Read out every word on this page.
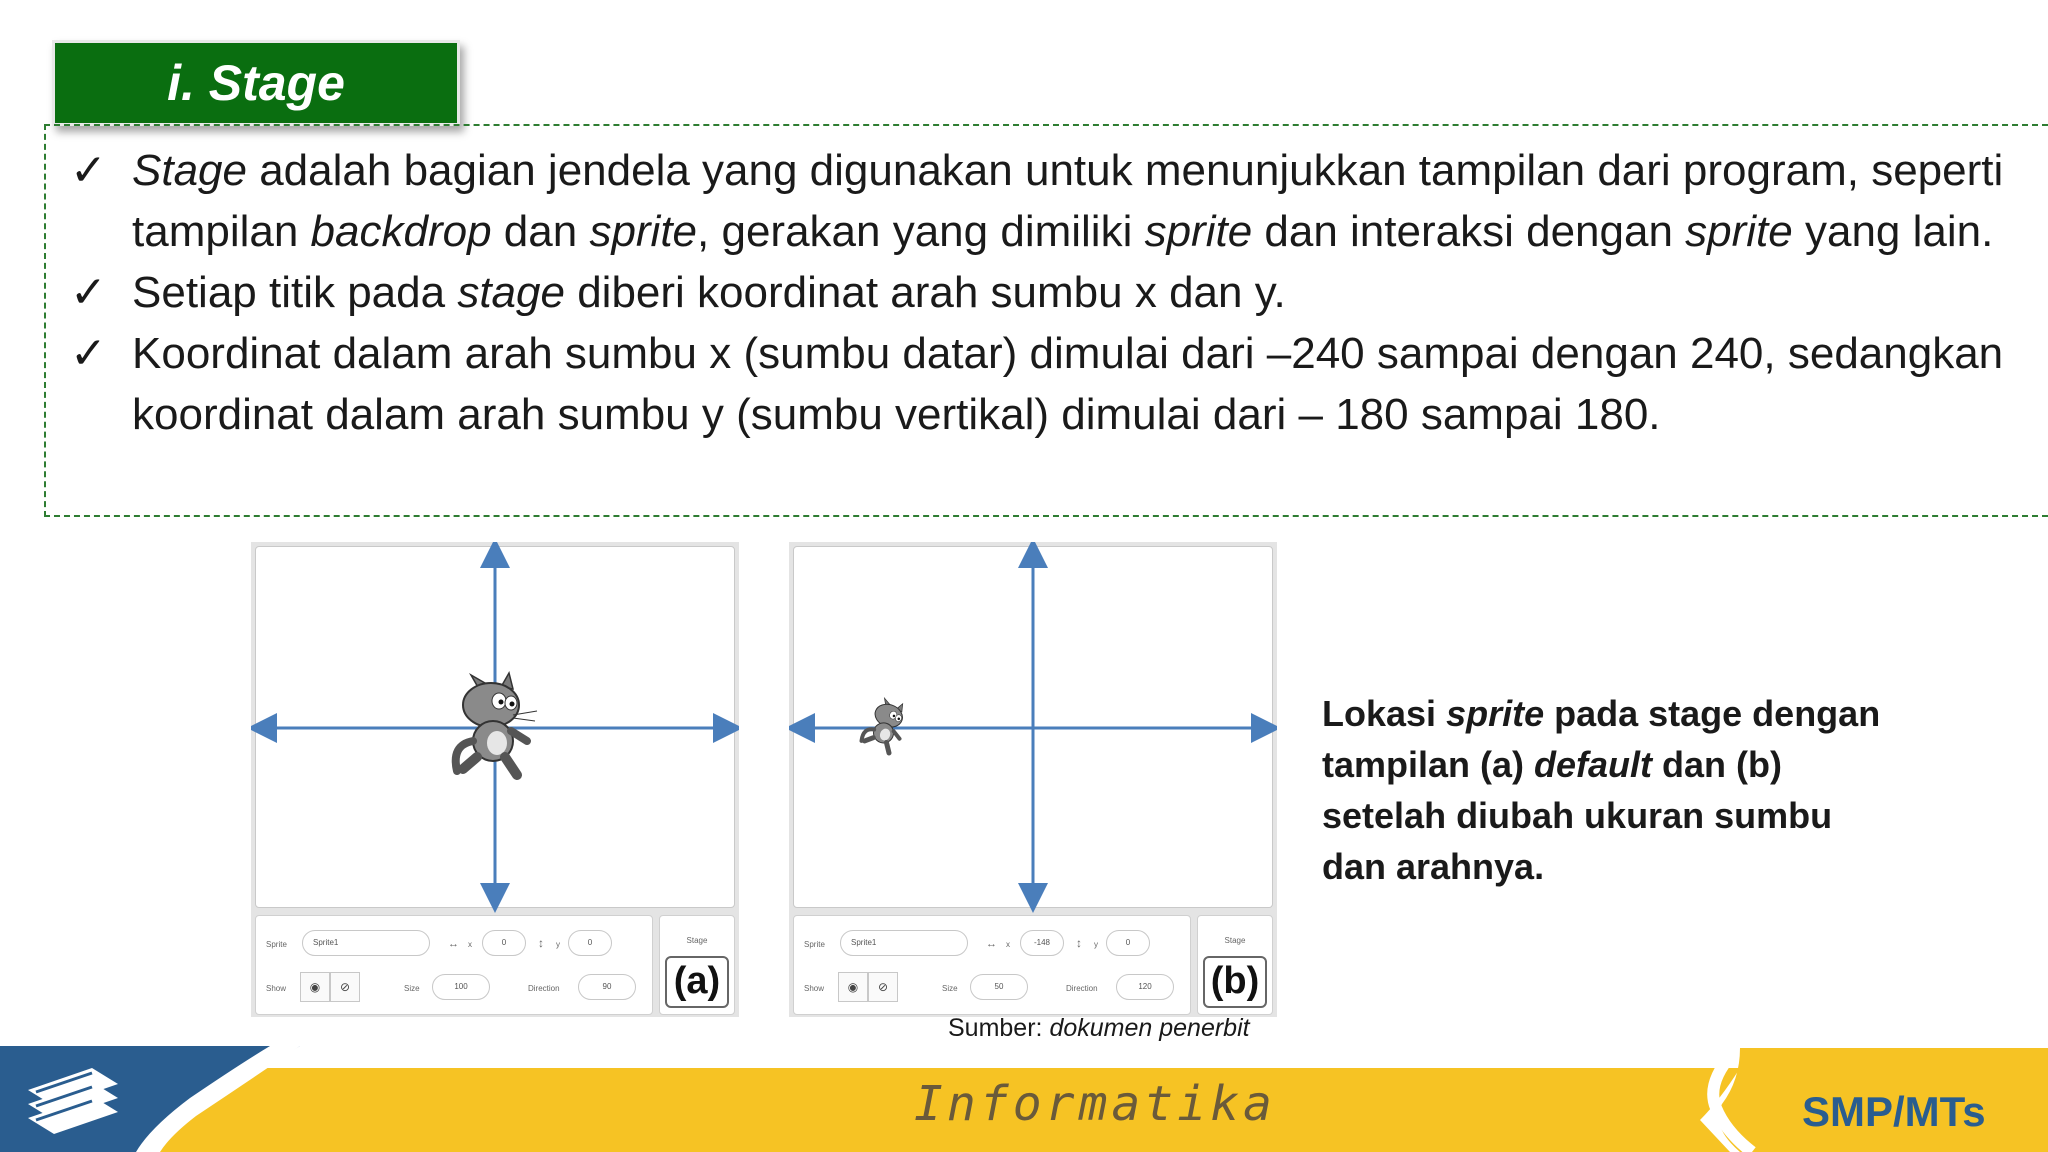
i. Stage
✓ Stage adalah bagian jendela yang digunakan untuk menunjukkan tampilan dari program, seperti tampilan backdrop dan sprite, gerakan yang dimiliki sprite dan interaksi dengan sprite yang lain.
✓ Setiap titik pada stage diberi koordinat arah sumbu x dan y.
✓ Koordinat dalam arah sumbu x (sumbu datar) dimulai dari –240 sampai dengan 240, sedangkan koordinat dalam arah sumbu y (sumbu vertikal) dimulai dari – 180 sampai 180.
Sprite	Sprite1	↔ x	0	↕ y	0
Show	◉	⊘	Size	100	Direction	90
Stage
(a)
Sprite	Sprite1	↔ x	-148	↕ y	0
Show	◉	⊘	Size	50	Direction	120
Stage
(b)
Lokasi sprite pada stage dengan tampilan (a) default dan (b) setelah diubah ukuran sumbu dan arahnya.
Sumber: dokumen penerbit
Informatika	SMP/MTs
